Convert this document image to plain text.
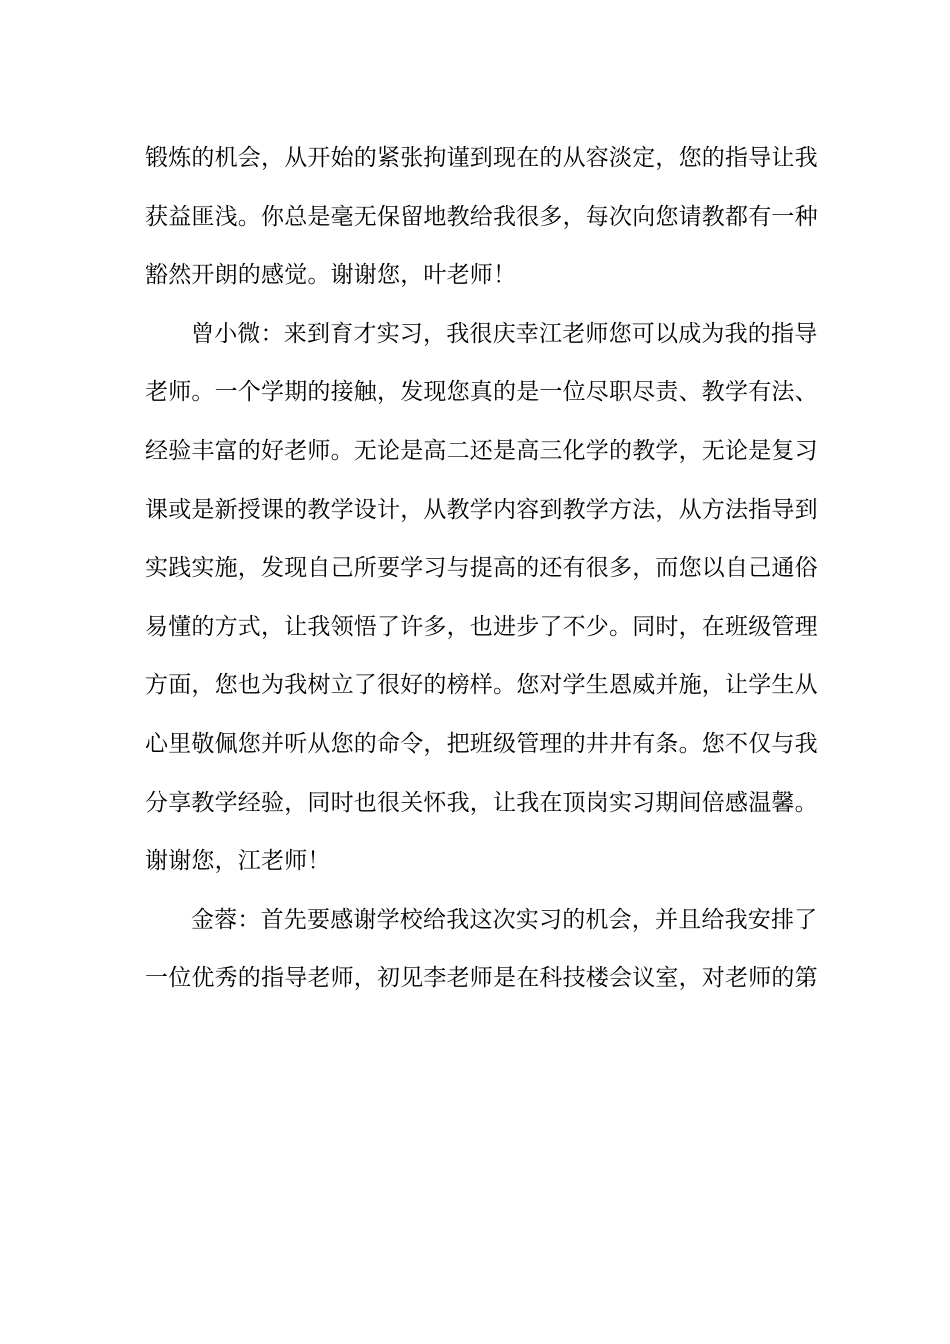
锻炼的机会，从开始的紧张拘谨到现在的从容淡定，您的指导让我
获益匪浅。你总是毫无保留地教给我很多，每次向您请教都有一种
豁然开朗的感觉。谢谢您，叶老师！
曾小微：来到育才实习，我很庆幸江老师您可以成为我的指导
老师。一个学期的接触，发现您真的是一位尽职尽责、教学有法、
经验丰富的好老师。无论是高二还是高三化学的教学，无论是复习
课或是新授课的教学设计，从教学内容到教学方法，从方法指导到
实践实施，发现自己所要学习与提高的还有很多，而您以自己通俗
易懂的方式，让我领悟了许多，也进步了不少。同时，在班级管理
方面，您也为我树立了很好的榜样。您对学生恩威并施，让学生从
心里敬佩您并听从您的命令，把班级管理的井井有条。您不仅与我
分享教学经验，同时也很关怀我，让我在顶岗实习期间倍感温馨。
谢谢您，江老师！
金蓉：首先要感谢学校给我这次实习的机会，并且给我安排了
一位优秀的指导老师，初见李老师是在科技楼会议室，对老师的第
